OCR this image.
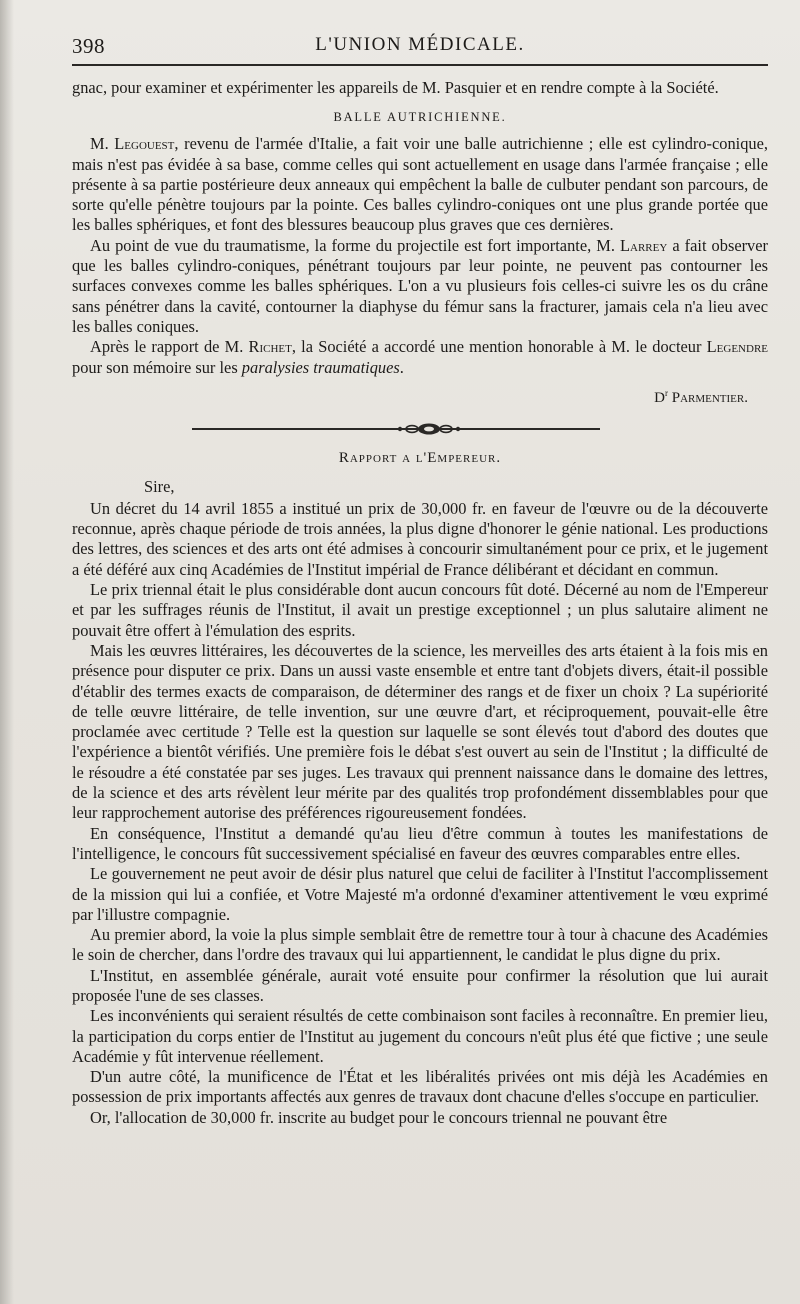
398	L'UNION MÉDICALE.

gnac, pour examiner et expérimenter les appareils de M. Pasquier et en rendre compte à la Société.

BALLE AUTRICHIENNE.

M. Legouest, revenu de l'armée d'Italie, a fait voir une balle autrichienne ; elle est cylindro-conique, mais n'est pas évidée à sa base, comme celles qui sont actuellement en usage dans l'armée française ; elle présente à sa partie postérieure deux anneaux qui empêchent la balle de culbuter pendant son parcours, de sorte qu'elle pénètre toujours par la pointe. Ces balles cylindro-coniques ont une plus grande portée que les balles sphériques, et font des blessures beaucoup plus graves que ces dernières.

Au point de vue du traumatisme, la forme du projectile est fort importante, M. Larrey a fait observer que les balles cylindro-coniques, pénétrant toujours par leur pointe, ne peuvent pas contourner les surfaces convexes comme les balles sphériques. L'on a vu plusieurs fois celles-ci suivre les os du crâne sans pénétrer dans la cavité, contourner la diaphyse du fémur sans la fracturer, jamais cela n'a lieu avec les balles coniques.

Après le rapport de M. Richet, la Société a accordé une mention honorable à M. le docteur Legendre pour son mémoire sur les paralysies traumatiques.

$D^r$ Parmentier.
Rapport a l'Empereur.
Sire,

Un décret du 14 avril 1855 a institué un prix de 30,000 fr. en faveur de l'œuvre ou de la découverte reconnue, après chaque période de trois années, la plus digne d'honorer le génie national. Les productions des lettres, des sciences et des arts ont été admises à concourir simultanément pour ce prix, et le jugement a été déféré aux cinq Académies de l'Institut impérial de France délibérant et décidant en commun.

Le prix triennal était le plus considérable dont aucun concours fût doté. Décerné au nom de l'Empereur et par les suffrages réunis de l'Institut, il avait un prestige exceptionnel ; un plus salutaire aliment ne pouvait être offert à l'émulation des esprits.

Mais les œuvres littéraires, les découvertes de la science, les merveilles des arts étaient à la fois mis en présence pour disputer ce prix. Dans un aussi vaste ensemble et entre tant d'objets divers, était-il possible d'établir des termes exacts de comparaison, de déterminer des rangs et de fixer un choix ? La supériorité de telle œuvre littéraire, de telle invention, sur une œuvre d'art, et réciproquement, pouvait-elle être proclamée avec certitude ? Telle est la question sur laquelle se sont élevés tout d'abord des doutes que l'expérience a bientôt vérifiés. Une première fois le débat s'est ouvert au sein de l'Institut ; la difficulté de le résoudre a été constatée par ses juges. Les travaux qui prennent naissance dans le domaine des lettres, de la science et des arts révèlent leur mérite par des qualités trop profondément dissemblables pour que leur rapprochement autorise des préférences rigoureusement fondées.

En conséquence, l'Institut a demandé qu'au lieu d'être commun à toutes les manifestations de l'intelligence, le concours fût successivement spécialisé en faveur des œuvres comparables entre elles.

Le gouvernement ne peut avoir de désir plus naturel que celui de faciliter à l'Institut l'accomplissement de la mission qui lui a confiée, et Votre Majesté m'a ordonné d'examiner attentivement le vœu exprimé par l'illustre compagnie.

Au premier abord, la voie la plus simple semblait être de remettre tour à tour à chacune des Académies le soin de chercher, dans l'ordre des travaux qui lui appartiennent, le candidat le plus digne du prix.

L'Institut, en assemblée générale, aurait voté ensuite pour confirmer la résolution que lui aurait proposée l'une de ses classes.

Les inconvénients qui seraient résultés de cette combinaison sont faciles à reconnaître. En premier lieu, la participation du corps entier de l'Institut au jugement du concours n'eût plus été que fictive ; une seule Académie y fût intervenue réellement.

D'un autre côté, la munificence de l'État et les libéralités privées ont mis déjà les Académies en possession de prix importants affectés aux genres de travaux dont chacune d'elles s'occupe en particulier.

Or, l'allocation de 30,000 fr. inscrite au budget pour le concours triennal ne pouvant être
